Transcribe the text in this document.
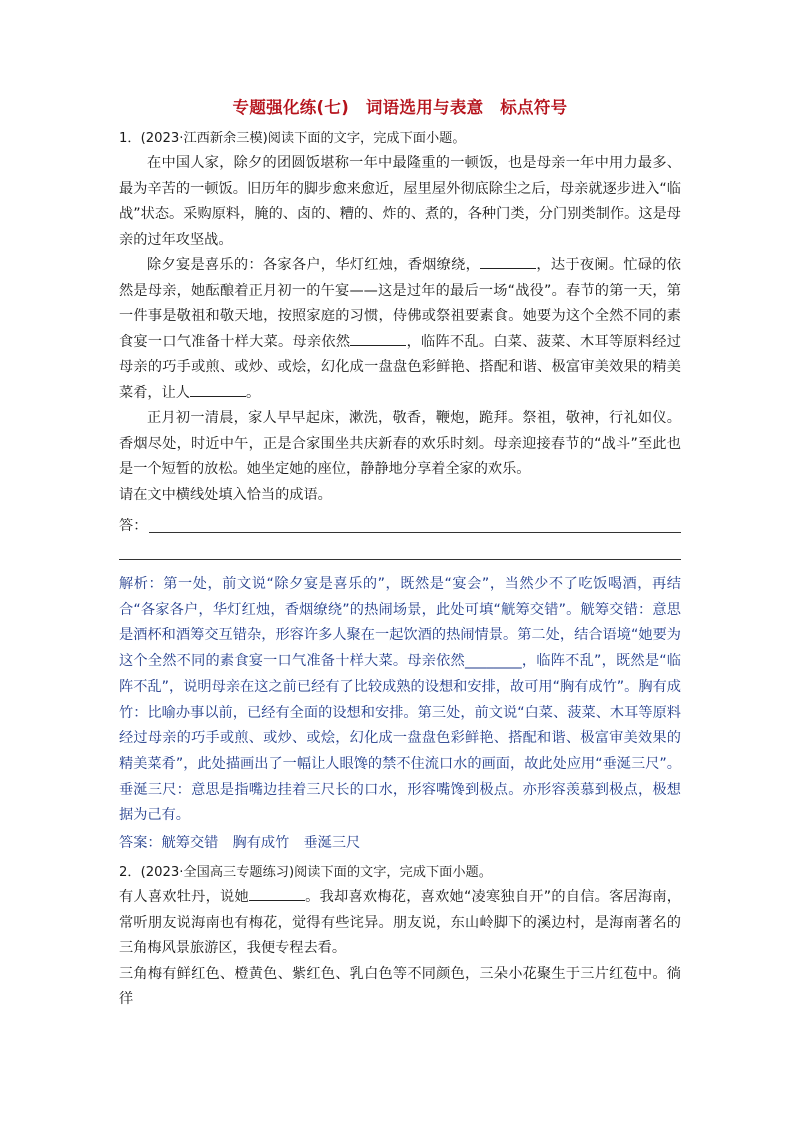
专题强化练(七)　词语选用与表意　标点符号

1．(2023·江西新余三模)阅读下面的文字，完成下面小题。

在中国人家，除夕的团圆饭堪称一年中最隆重的一顿饭，也是母亲一年中用力最多、最为辛苦的一顿饭。旧历年的脚步愈来愈近，屋里屋外彻底除尘之后，母亲就逐步进入“临战”状态。采购原料，腌的、卤的、糟的、炸的、煮的，各种门类，分门别类制作。这是母亲的过年攻坚战。

除夕宴是喜乐的：各家各户，华灯红烛，香烟缭绕，	，达于夜阑。忙碌的依然是母亲，她酝酿着正月初一的午宴——这是过年的最后一场“战役”。春节的第一天，第一件事是敬祖和敬天地，按照家庭的习惯，侍佛或祭祖要素食。她要为这个全然不同的素食宴一口气准备十样大菜。母亲依然	，临阵不乱。白菜、菠菜、木耳等原料经过母亲的巧手或煎、或炒、或烩，幻化成一盘盘色彩鲜艳、搭配和谐、极富审美效果的精美菜肴，让人	。

正月初一清晨，家人早早起床，漱洗，敬香，鞭炮，跪拜。祭祖，敬神，行礼如仪。香烟尽处，时近中午，正是合家围坐共庆新春的欢乐时刻。母亲迎接春节的“战斗”至此也是一个短暂的放松。她坐定她的座位，静静地分享着全家的欢乐。

请在文中横线处填入恰当的成语。

答：

解析：第一处，前文说“除夕宴是喜乐的”，既然是“宴会”，当然少不了吃饭喝酒，再结合“各家各户，华灯红烛，香烟缭绕”的热闹场景，此处可填“觥筹交错”。觥筹交错：意思是酒杯和酒筹交互错杂，形容许多人聚在一起饮酒的热闹情景。第二处，结合语境“她要为这个全然不同的素食宴一口气准备十样大菜。母亲依然________，临阵不乱”，既然是“临阵不乱”，说明母亲在这之前已经有了比较成熟的设想和安排，故可用“胸有成竹”。胸有成竹：比喻办事以前，已经有全面的设想和安排。第三处，前文说“白菜、菠菜、木耳等原料经过母亲的巧手或煎、或炒、或烩，幻化成一盘盘色彩鲜艳、搭配和谐、极富审美效果的精美菜肴”，此处描画出了一幅让人眼馋的禁不住流口水的画面，故此处应用“垂涎三尺”。垂涎三尺：意思是指嘴边挂着三尺长的口水，形容嘴馋到极点。亦形容羡慕到极点，极想据为己有。

答案：觥筹交错　胸有成竹　垂涎三尺

2．(2023·全国高三专题练习)阅读下面的文字，完成下面小题。

有人喜欢牡丹，说她	。我却喜欢梅花，喜欢她“凌寒独自开”的自信。客居海南，常听朋友说海南也有梅花，觉得有些诧异。朋友说，东山岭脚下的溪边村，是海南著名的三角梅风景旅游区，我便专程去看。

三角梅有鲜红色、橙黄色、紫红色、乳白色等不同颜色，三朵小花聚生于三片红苞中。徜徉
